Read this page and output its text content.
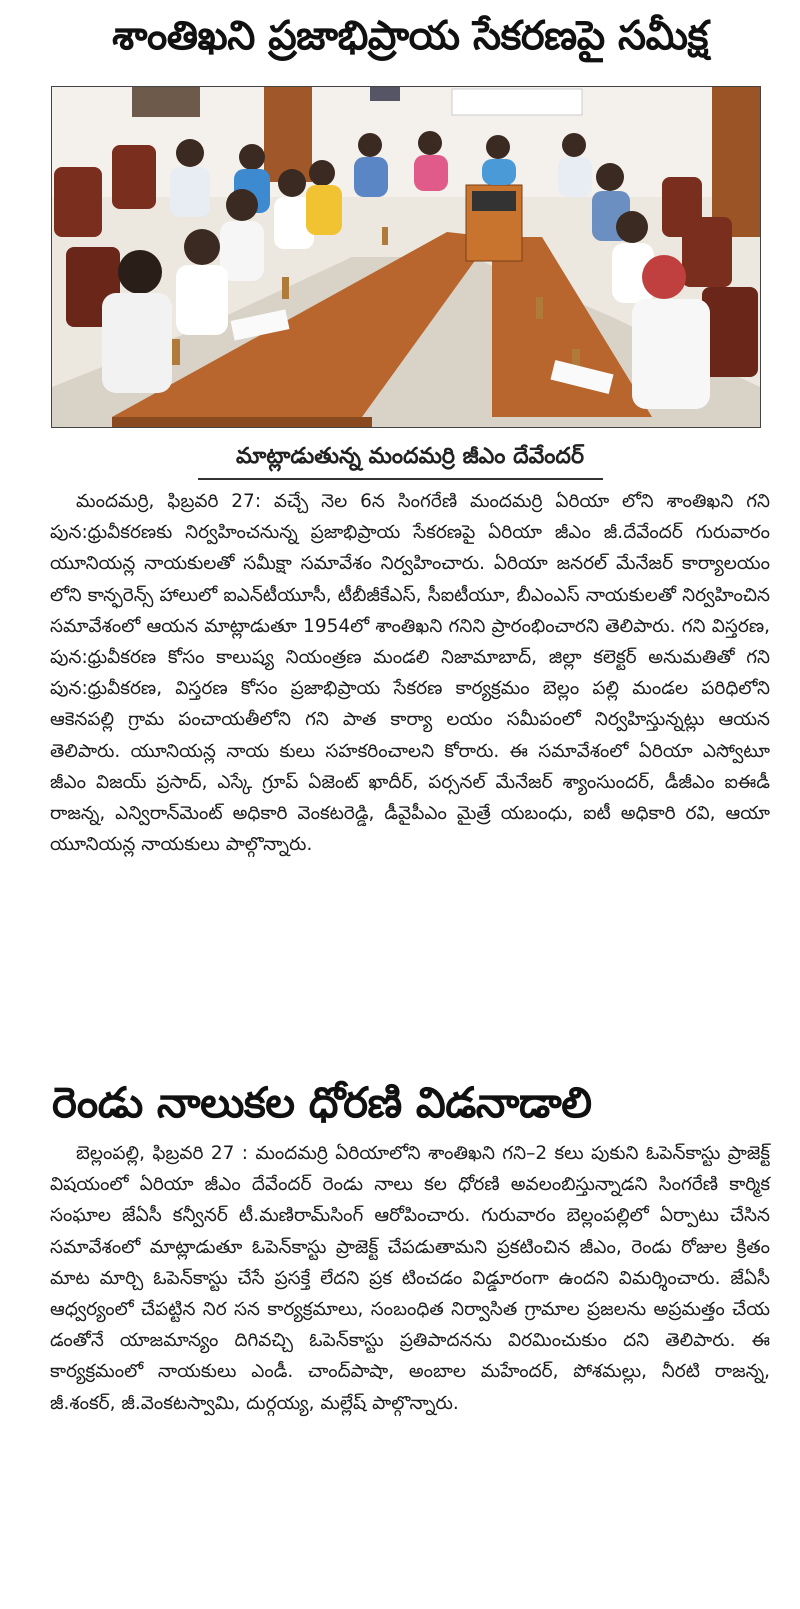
శాంతిఖని ప్రజాభిప్రాయ సేకరణపై సమీక్ష
మాట్లాడుతున్న మందమర్రి జీఎం దేవేందర్

మందమర్రి, ఫిబ్రవరి 27: వచ్చే నెల 6న సింగరేణి మందమర్రి ఏరియా లోని శాంతిఖని గని పున:ధ్రువీకరణకు నిర్వహించనున్న ప్రజాభిప్రాయ సేకరణపై ఏరియా జీఎం జీ.దేవేందర్ గురువారం యూనియన్ల నాయకులతో సమీక్షా సమావేశం నిర్వహించారు. ఏరియా జనరల్ మేనేజర్ కార్యాలయం లోని కాన్ఫరెన్స్ హాలులో ఐఎన్‌టీయూసీ, టీబీజీకేఎస్, సీఐటీయూ, బీఎంఎస్ నాయకులతో నిర్వహించిన సమావేశంలో ఆయన మాట్లాడుతూ 1954లో శాంతిఖని గనిని ప్రారంభించారని తెలిపారు. గని విస్తరణ, పున:ధ్రువీకరణ కోసం కాలుష్య నియంత్రణ మండలి నిజామాబాద్, జిల్లా కలెక్టర్ అనుమతితో గని పున:ధ్రువీకరణ, విస్తరణ కోసం ప్రజాభిప్రాయ సేకరణ కార్యక్రమం బెల్లం పల్లి మండల పరిధిలోని ఆకెనపల్లి గ్రామ పంచాయతీలోని గని పాత కార్యా లయం సమీపంలో నిర్వహిస్తున్నట్లు ఆయన తెలిపారు. యూనియన్ల నాయ కులు సహకరించాలని కోరారు. ఈ సమావేశంలో ఏరియా ఎస్వోటూ జీఎం విజయ్ ప్రసాద్, ఎస్కే గ్రూప్ ఏజెంట్ ఖాదీర్, పర్సనల్ మేనేజర్ శ్యాంసుందర్, డీజీఎం ఐఈడీ రాజన్న, ఎన్విరాన్‌మెంట్ అధికారి వెంకటరెడ్డి, డీవైపీఎం మైత్రే యబంధు, ఐటీ అధికారి రవి, ఆయా యూనియన్ల నాయకులు పాల్గొన్నారు.

రెండు నాలుకల ధోరణి విడనాడాలి

బెల్లంపల్లి, ఫిబ్రవరి 27 : మందమర్రి ఏరియాలోని శాంతిఖని గని–2 కలు పుకుని ఓపెన్‌కాస్టు ప్రాజెక్ట్ విషయంలో ఏరియా జీఎం దేవేందర్ రెండు నాలు కల ధోరణి అవలంబిస్తున్నాడని సింగరేణి కార్మిక సంఘాల జేఏసీ కన్వీనర్ టీ.మణిరామ్‌సింగ్ ఆరోపించారు. గురువారం బెల్లంపల్లిలో ఏర్పాటు చేసిన సమావేశంలో మాట్లాడుతూ ఓపెన్‌కాస్టు ప్రాజెక్ట్ చేపడుతామని ప్రకటించిన జీఎం, రెండు రోజుల క్రితం మాట మార్చి ఓపెన్‌కాస్టు చేసే ప్రసక్తే లేదని ప్రక టించడం విడ్డూరంగా ఉందని విమర్శించారు. జేఏసీ ఆధ్వర్యంలో చేపట్టిన నిర సన కార్యక్రమాలు, సంబంధిత నిర్వాసిత గ్రామాల ప్రజలను అప్రమత్తం చేయ డంతోనే యాజమాన్యం దిగివచ్చి ఓపెన్‌కాస్టు ప్రతిపాదనను విరమించుకుం దని తెలిపారు. ఈ కార్యక్రమంలో నాయకులు ఎండీ. చాంద్‌పాషా, అంబాల మహేందర్, పోశమల్లు, నీరటి రాజన్న, జీ.శంకర్, జీ.వెంకటస్వామి, దుర్గయ్య, మల్లేష్ పాల్గొన్నారు.
